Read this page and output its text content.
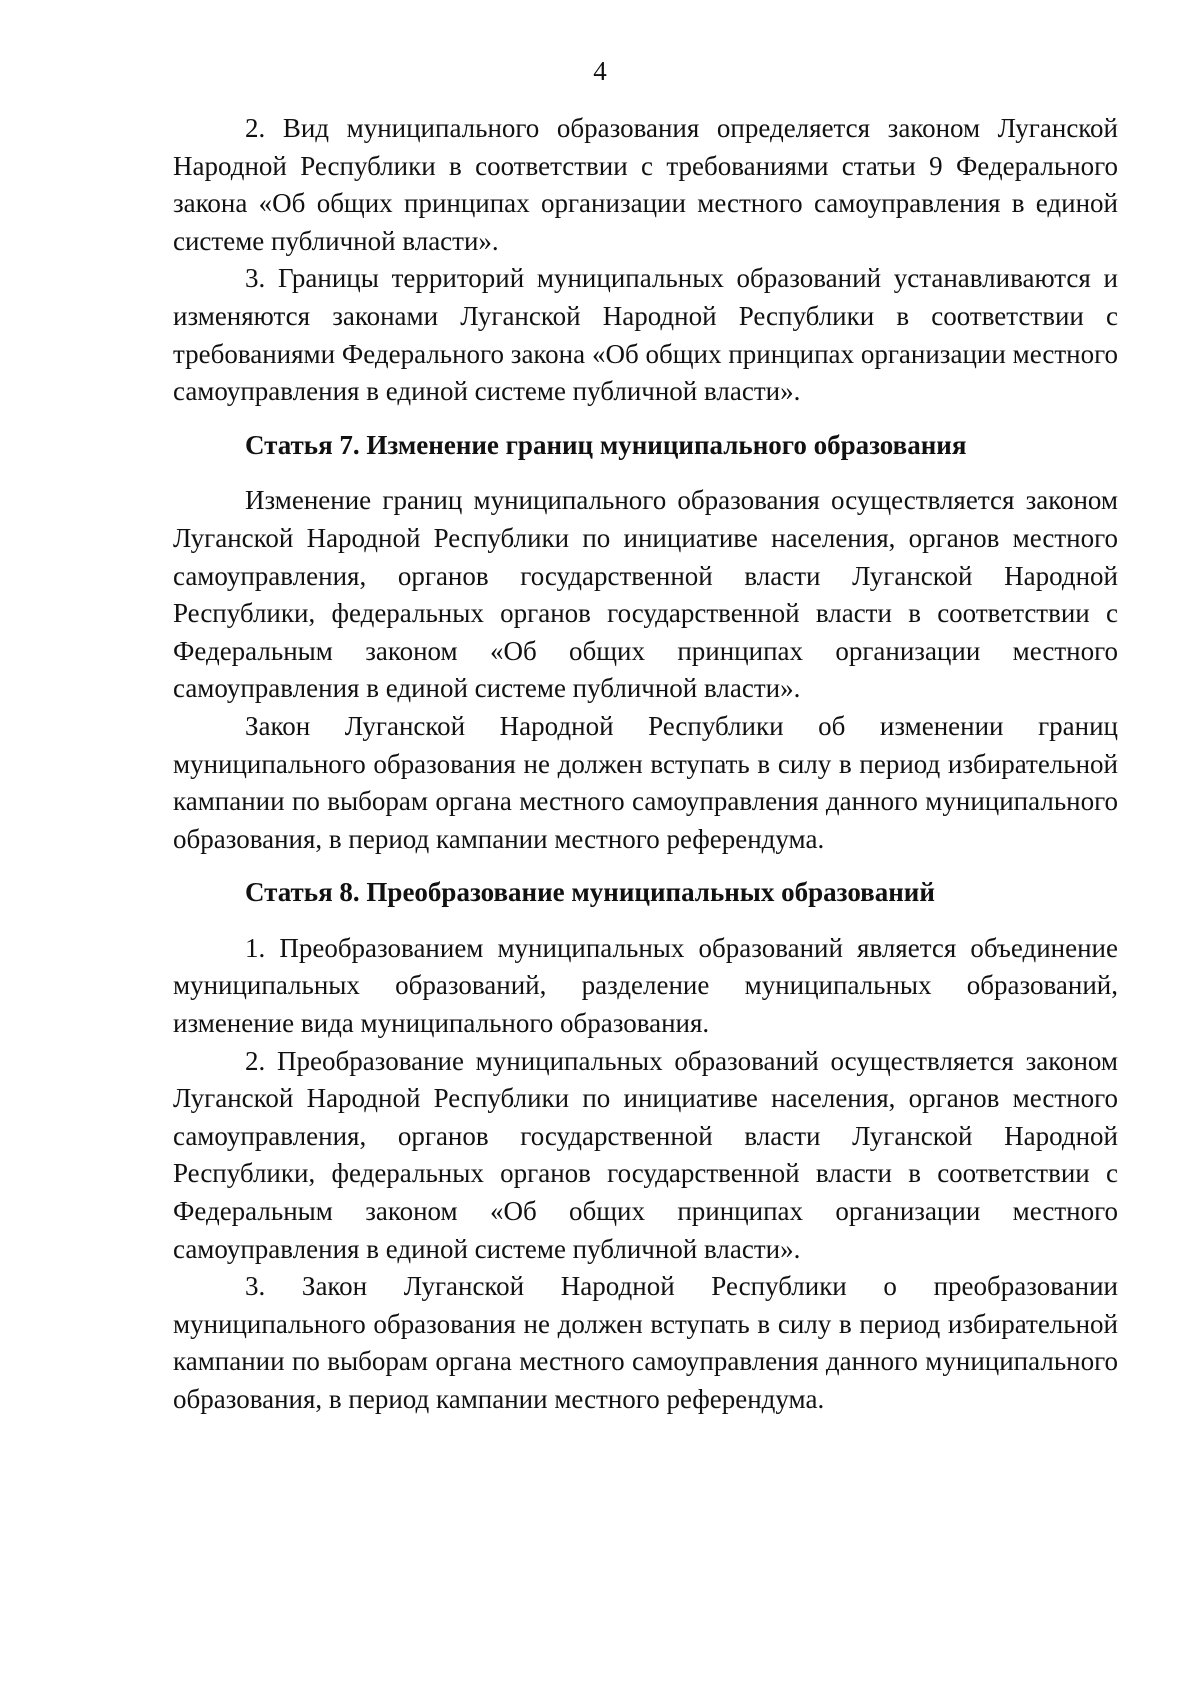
4

2. Вид муниципального образования определяется законом Луганской Народной Республики в соответствии с требованиями статьи 9 Федерального закона «Об общих принципах организации местного самоуправления в единой системе публичной власти».

3. Границы территорий муниципальных образований устанавливаются и изменяются законами Луганской Народной Республики в соответствии с требованиями Федерального закона «Об общих принципах организации местного самоуправления в единой системе публичной власти».

Статья 7. Изменение границ муниципального образования

Изменение границ муниципального образования осуществляется законом Луганской Народной Республики по инициативе населения, органов местного самоуправления, органов государственной власти Луганской Народной Республики, федеральных органов государственной власти в соответствии с Федеральным законом «Об общих принципах организации местного самоуправления в единой системе публичной власти».

Закон Луганской Народной Республики об изменении границ муниципального образования не должен вступать в силу в период избирательной кампании по выборам органа местного самоуправления данного муниципального образования, в период кампании местного референдума.

Статья 8. Преобразование муниципальных образований

1. Преобразованием муниципальных образований является объединение муниципальных образований, разделение муниципальных образований, изменение вида муниципального образования.

2. Преобразование муниципальных образований осуществляется законом Луганской Народной Республики по инициативе населения, органов местного самоуправления, органов государственной власти Луганской Народной Республики, федеральных органов государственной власти в соответствии с Федеральным законом «Об общих принципах организации местного самоуправления в единой системе публичной власти».

3. Закон Луганской Народной Республики о преобразовании муниципального образования не должен вступать в силу в период избирательной кампании по выборам органа местного самоуправления данного муниципального образования, в период кампании местного референдума.
